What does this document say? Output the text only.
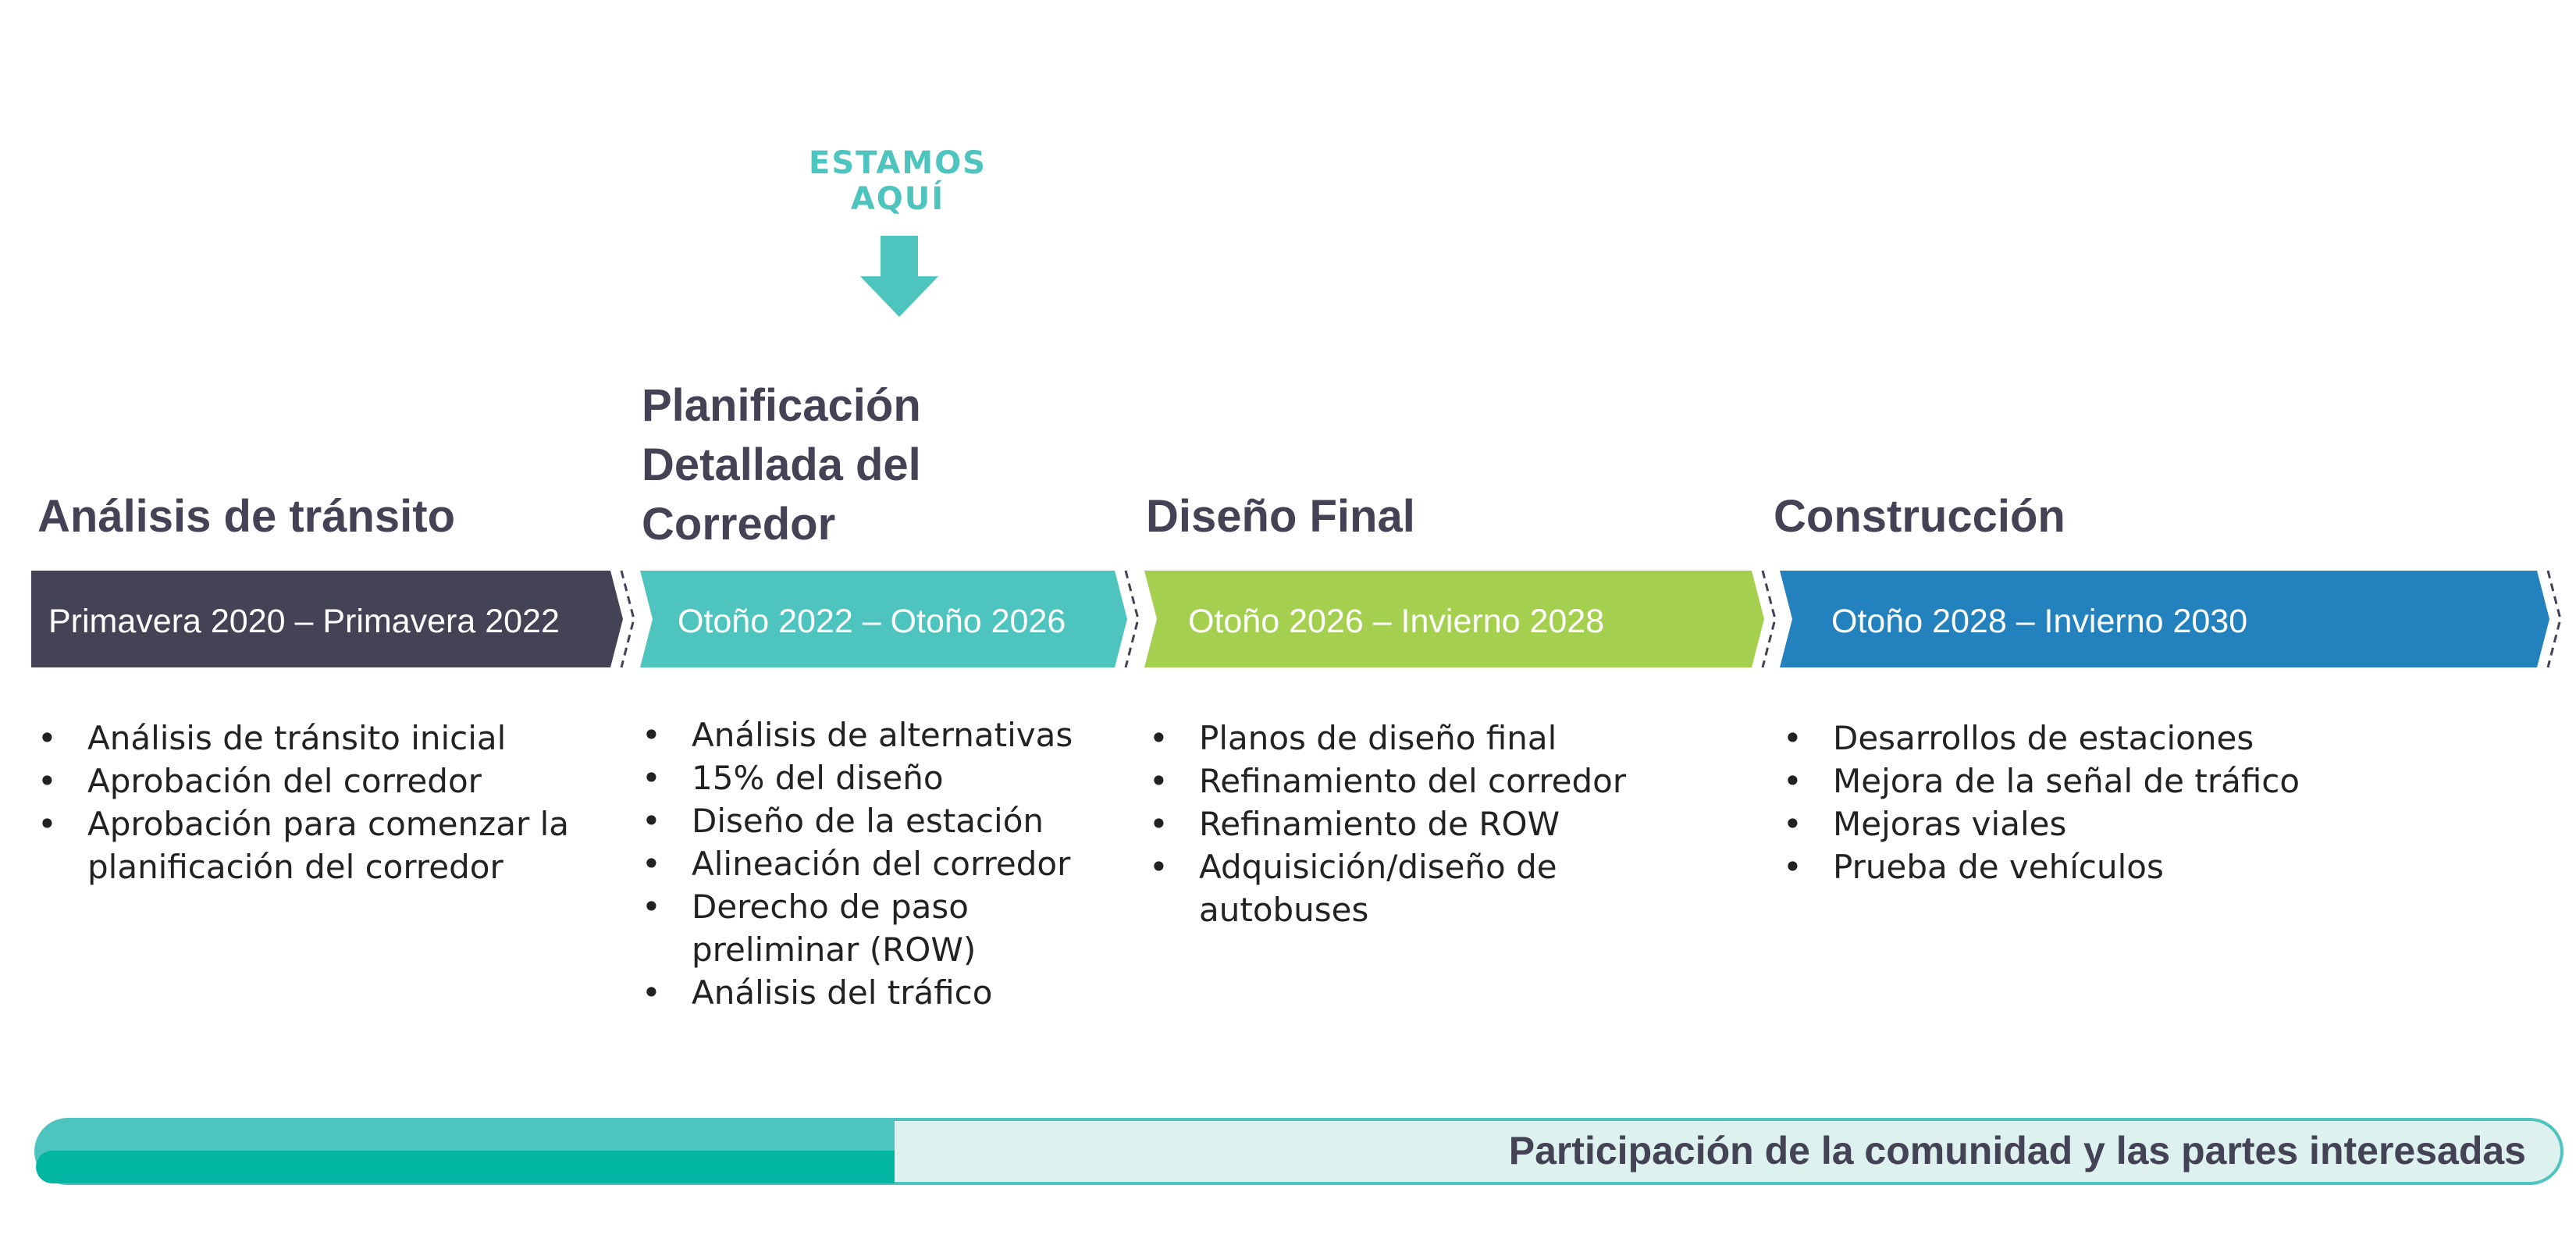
ESTAMOS
AQUÍ
Análisis de tránsito
Planificación
Detallada del
Corredor	Diseño Final	Construcción
Primavera 2020 – Primavera 2022	Otoño 2022 – Otoño 2026	Otoño 2026 – Invierno 2028	Otoño 2028 – Invierno 2030
• Análisis de tránsito inicial
• Aprobación del corredor
• Aprobación para comenzar la planificación del corredor
• Análisis de alternativas
• 15% del diseño
• Diseño de la estación
• Alineación del corredor
• Derecho de paso preliminar (ROW)
• Análisis del tráfico
• Planos de diseño final
• Refinamiento del corredor
• Refinamiento de ROW
• Adquisición/diseño de autobuses
• Desarrollos de estaciones
• Mejora de la señal de tráfico
• Mejoras viales
• Prueba de vehículos
Participación de la comunidad y las partes interesadas
